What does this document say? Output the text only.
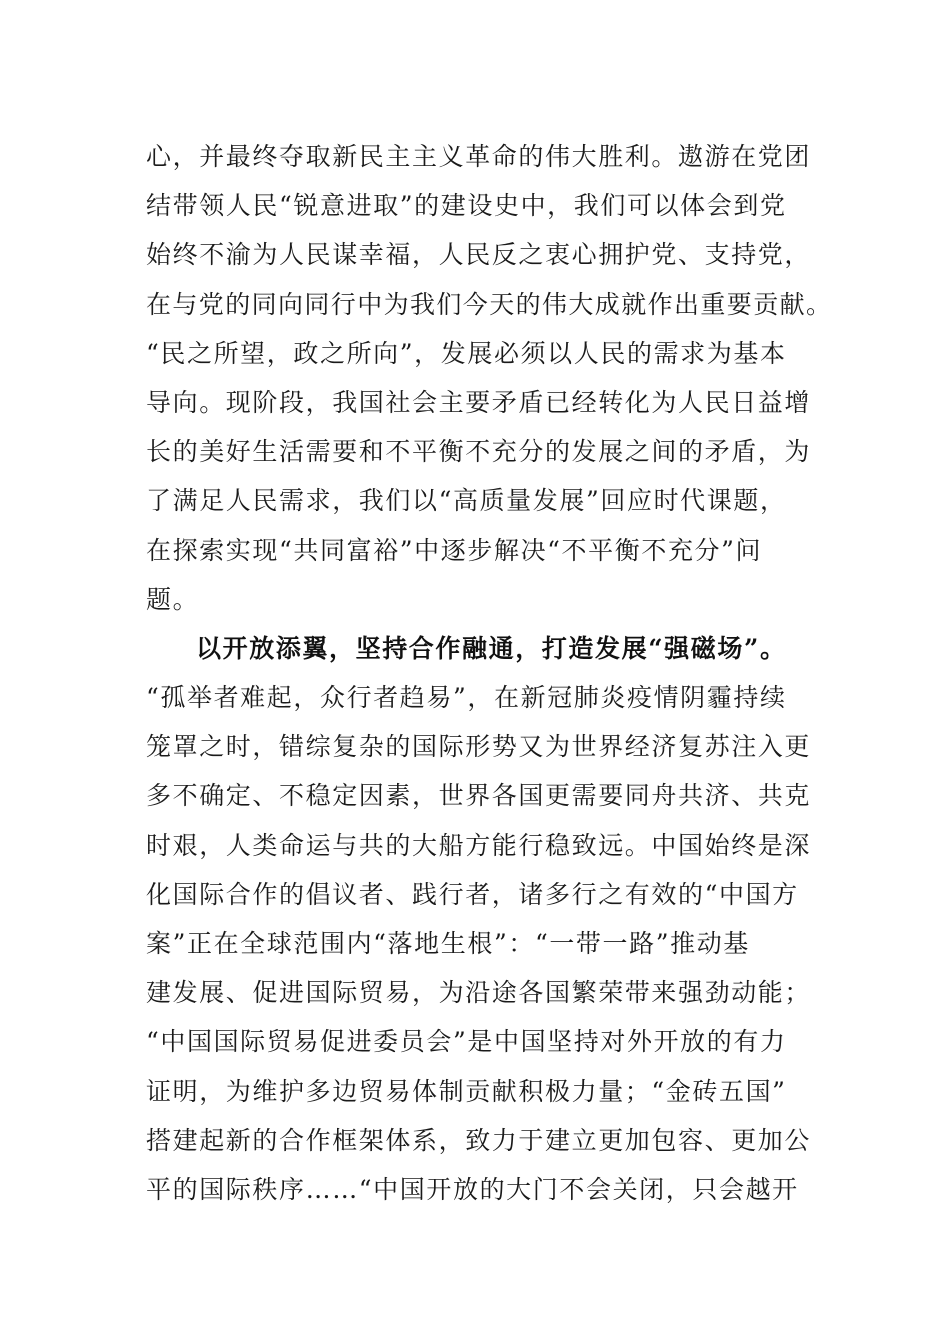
心，并最终夺取新民主主义革命的伟大胜利。遨游在党团
结带领人民“锐意进取”的建设史中，我们可以体会到党
始终不渝为人民谋幸福，人民反之衷心拥护党、支持党，
在与党的同向同行中为我们今天的伟大成就作出重要贡献。
“民之所望，政之所向”，发展必须以人民的需求为基本
导向。现阶段，我国社会主要矛盾已经转化为人民日益增
长的美好生活需要和不平衡不充分的发展之间的矛盾，为
了满足人民需求，我们以“高质量发展”回应时代课题，
在探索实现“共同富裕”中逐步解决“不平衡不充分”问
题。
以开放添翼，坚持合作融通，打造发展“强磁场”。
“孤举者难起，众行者趋易”，在新冠肺炎疫情阴霾持续
笼罩之时，错综复杂的国际形势又为世界经济复苏注入更
多不确定、不稳定因素，世界各国更需要同舟共济、共克
时艰，人类命运与共的大船方能行稳致远。中国始终是深
化国际合作的倡议者、践行者，诸多行之有效的“中国方
案”正在全球范围内“落地生根”：“一带一路”推动基
建发展、促进国际贸易，为沿途各国繁荣带来强劲动能；
“中国国际贸易促进委员会”是中国坚持对外开放的有力
证明，为维护多边贸易体制贡献积极力量；“金砖五国”
搭建起新的合作框架体系，致力于建立更加包容、更加公
平的国际秩序……“中国开放的大门不会关闭，只会越开
